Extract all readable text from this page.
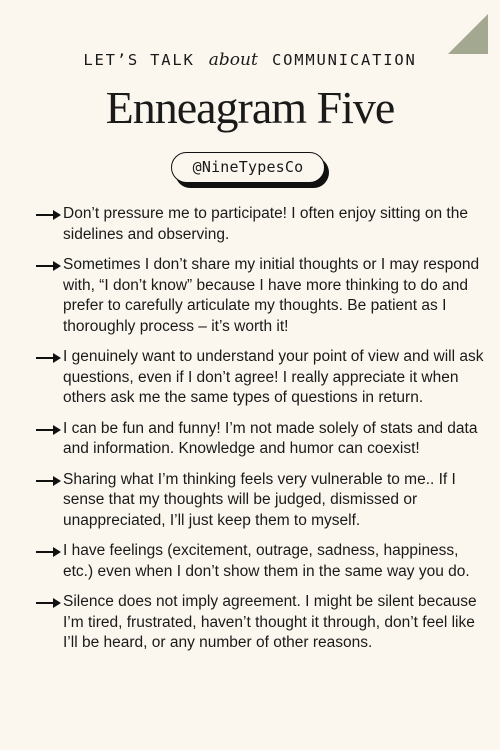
LET’S TALK about COMMUNICATION
Enneagram Five
@NineTypesCo
Don’t pressure me to participate! I often enjoy sitting on the sidelines and observing.
Sometimes I don’t share my initial thoughts or I may respond with, “I don’t know” because I have more thinking to do and prefer to carefully articulate my thoughts. Be patient as I thoroughly process – it’s worth it!
I genuinely want to understand your point of view and will ask questions, even if I don’t agree! I really appreciate it when others ask me the same types of questions in return.
I can be fun and funny! I’m not made solely of stats and data and information. Knowledge and humor can coexist!
Sharing what I’m thinking feels very vulnerable to me.. If I sense that my thoughts will be judged, dismissed or unappreciated, I’ll just keep them to myself.
I have feelings (excitement, outrage, sadness, happiness, etc.) even when I don’t show them in the same way you do.
Silence does not imply agreement. I might be silent because I’m tired, frustrated, haven’t thought it through, don’t feel like I’ll be heard, or any number of other reasons.
